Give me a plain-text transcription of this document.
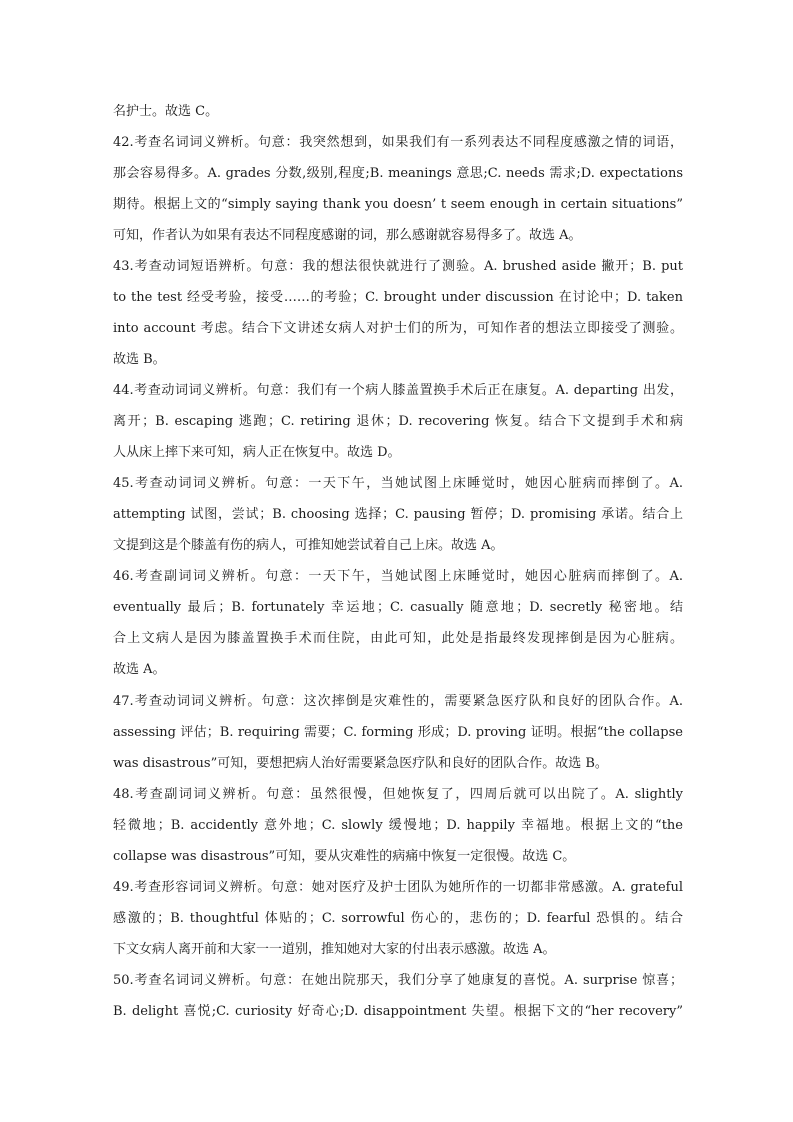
名护士。故选 C。
42.考查名词词义辨析。句意：我突然想到，如果我们有一系列表达不同程度感激之情的词语，
那会容易得多。A. grades 分数,级别,程度;B. meanings 意思;C. needs 需求;D. expectations
期待。根据上文的“simply saying thank you doesn’ t seem enough in certain situations”
可知，作者认为如果有表达不同程度感谢的词，那么感谢就容易得多了。故选 A。
43.考查动词短语辨析。句意：我的想法很快就进行了测验。A. brushed aside 撇开；B. put
to the test 经受考验，接受……的考验；C. brought under discussion 在讨论中；D. taken
into account 考虑。结合下文讲述女病人对护士们的所为，可知作者的想法立即接受了测验。
故选 B。
44.考查动词词义辨析。句意：我们有一个病人膝盖置换手术后正在康复。A. departing 出发，
离开；B. escaping 逃跑；C. retiring 退休；D. recovering 恢复。结合下文提到手术和病
人从床上摔下来可知，病人正在恢复中。故选 D。
45.考查动词词义辨析。句意：一天下午，当她试图上床睡觉时，她因心脏病而摔倒了。A.
attempting 试图，尝试；B. choosing 选择；C. pausing 暂停；D. promising 承诺。结合上
文提到这是个膝盖有伤的病人，可推知她尝试着自己上床。故选 A。
46.考查副词词义辨析。句意：一天下午，当她试图上床睡觉时，她因心脏病而摔倒了。A.
eventually 最后；B. fortunately 幸运地；C. casually 随意地；D. secretly 秘密地。结
合上文病人是因为膝盖置换手术而住院，由此可知，此处是指最终发现摔倒是因为心脏病。
故选 A。
47.考查动词词义辨析。句意：这次摔倒是灾难性的，需要紧急医疗队和良好的团队合作。A.
assessing 评估；B. requiring 需要；C. forming 形成；D. proving 证明。根据“the collapse
was disastrous”可知，要想把病人治好需要紧急医疗队和良好的团队合作。故选 B。
48.考查副词词义辨析。句意：虽然很慢，但她恢复了，四周后就可以出院了。A. slightly
轻微地；B. accidently 意外地；C. slowly 缓慢地；D. happily 幸福地。根据上文的“the
collapse was disastrous”可知，要从灾难性的病痛中恢复一定很慢。故选 C。
49.考查形容词词义辨析。句意：她对医疗及护士团队为她所作的一切都非常感激。A. grateful
感激的；B. thoughtful 体贴的；C. sorrowful 伤心的，悲伤的；D. fearful 恐惧的。结合
下文女病人离开前和大家一一道别，推知她对大家的付出表示感激。故选 A。
50.考查名词词义辨析。句意：在她出院那天，我们分享了她康复的喜悦。A. surprise 惊喜；
B. delight 喜悦;C. curiosity 好奇心;D. disappointment 失望。根据下文的“her recovery”
